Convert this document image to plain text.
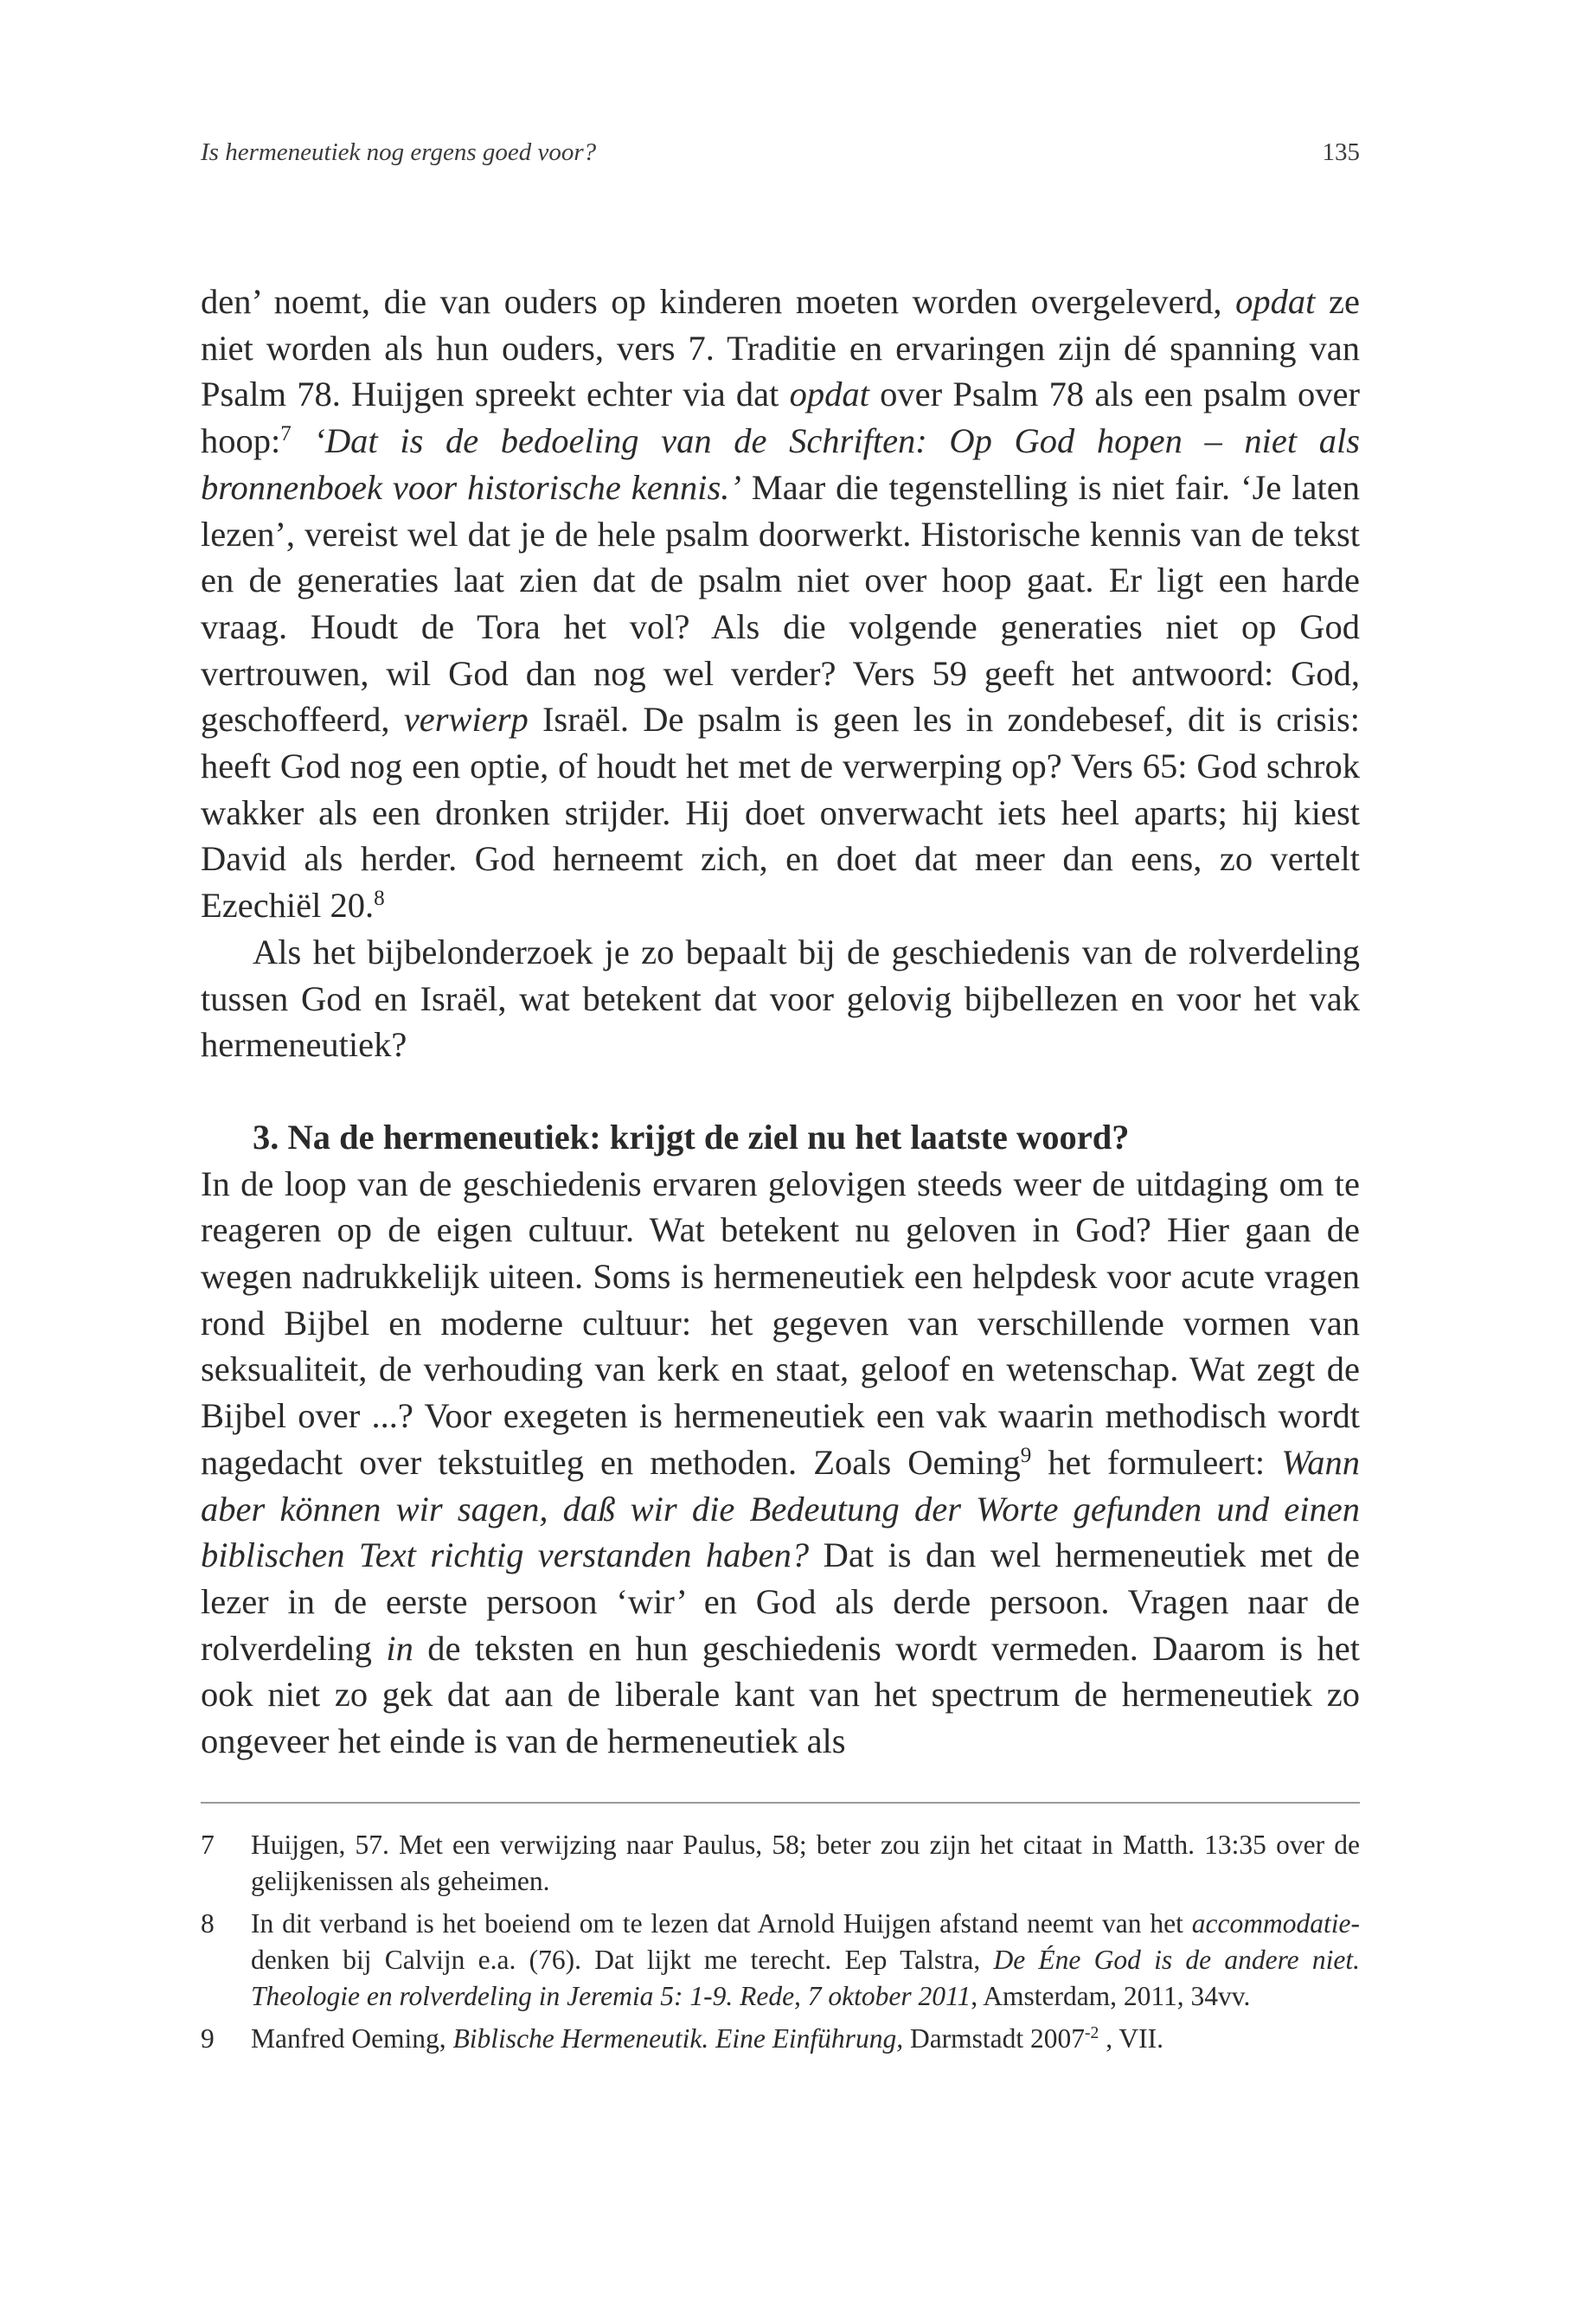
Is hermeneutiek nog ergens goed voor?	135

den’ noemt, die van ouders op kinderen moeten worden overgeleverd, opdat ze niet worden als hun ouders, vers 7. Traditie en ervaringen zijn dé spanning van Psalm 78. Huijgen spreekt echter via dat opdat over Psalm 78 als een psalm over hoop:$^7$ ‘Dat is de bedoeling van de Schriften: Op God hopen – niet als bronnenboek voor historische kennis.’ Maar die tegenstelling is niet fair. ‘Je laten lezen’, vereist wel dat je de hele psalm doorwerkt. Historische kennis van de tekst en de generaties laat zien dat de psalm niet over hoop gaat. Er ligt een harde vraag. Houdt de Tora het vol? Als die volgende generaties niet op God vertrouwen, wil God dan nog wel verder? Vers 59 geeft het antwoord: God, geschoffeerd, verwierp Israël. De psalm is geen les in zondebesef, dit is crisis: heeft God nog een optie, of houdt het met de verwerping op? Vers 65: God schrok wakker als een dronken strijder. Hij doet onverwacht iets heel aparts; hij kiest David als herder. God herneemt zich, en doet dat meer dan eens, zo vertelt Ezechiël 20.$^8$

Als het bijbelonderzoek je zo bepaalt bij de geschiedenis van de rolverdeling tussen God en Israël, wat betekent dat voor gelovig bijbellezen en voor het vak hermeneutiek?

3. Na de hermeneutiek: krijgt de ziel nu het laatste woord?

In de loop van de geschiedenis ervaren gelovigen steeds weer de uitdaging om te reageren op de eigen cultuur. Wat betekent nu geloven in God? Hier gaan de wegen nadrukkelijk uiteen. Soms is hermeneutiek een helpdesk voor acute vragen rond Bijbel en moderne cultuur: het gegeven van verschillende vormen van seksualiteit, de verhouding van kerk en staat, geloof en wetenschap. Wat zegt de Bijbel over ...? Voor exegeten is hermeneutiek een vak waarin methodisch wordt nagedacht over tekstuitleg en methoden. Zoals Oeming$^9$ het formuleert: Wann aber können wir sagen, daß wir die Bedeutung der Worte gefunden und einen biblischen Text richtig verstanden haben? Dat is dan wel hermeneutiek met de lezer in de eerste persoon ‘wir’ en God als derde persoon. Vragen naar de rolverdeling in de teksten en hun geschiedenis wordt vermeden. Daarom is het ook niet zo gek dat aan de liberale kant van het spectrum de hermeneutiek zo ongeveer het einde is van de hermeneutiek als

7	Huijgen, 57. Met een verwijzing naar Paulus, 58; beter zou zijn het citaat in Matth. 13:35 over de gelijkenissen als geheimen.
8	In dit verband is het boeiend om te lezen dat Arnold Huijgen afstand neemt van het accommodatie-denken bij Calvijn e.a. (76). Dat lijkt me terecht. Eep Talstra, De Éne God is de andere niet. Theologie en rolverdeling in Jeremia 5: 1-9. Rede, 7 oktober 2011, Amsterdam, 2011, 34vv.
9	Manfred Oeming, Biblische Hermeneutik. Eine Einführung, Darmstadt $2007^{-2}$ , VII.
